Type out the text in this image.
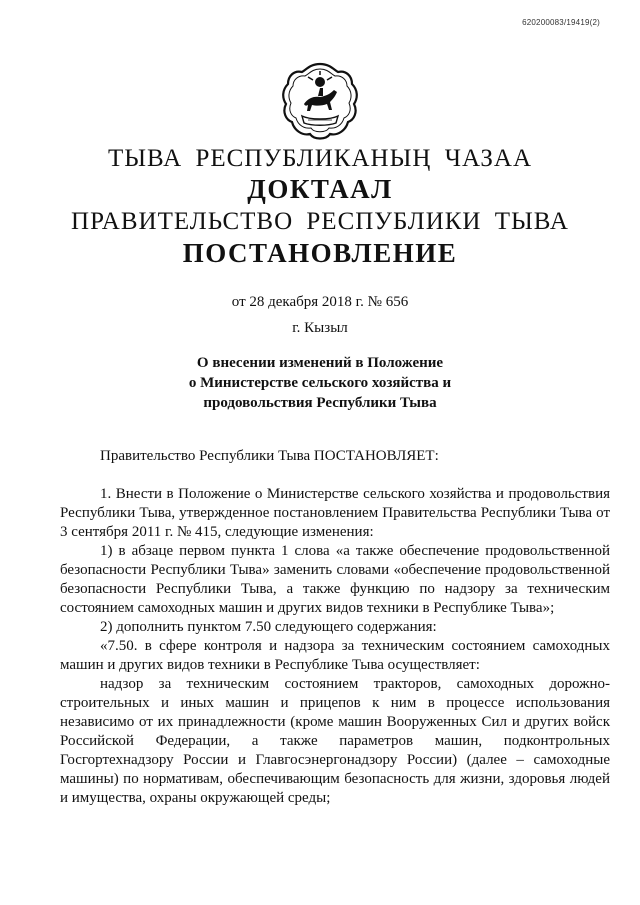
620200083/19419(2)
ТЫВА РЕСПУБЛИКАНЫҢ ЧАЗАА
ДОКТААЛ
ПРАВИТЕЛЬСТВО РЕСПУБЛИКИ ТЫВА
ПОСТАНОВЛЕНИЕ
от 28 декабря 2018 г. № 656
г. Кызыл
О внесении изменений в Положение
о Министерстве сельского хозяйства и
продовольствия Республики Тыва
Правительство Республики Тыва ПОСТАНОВЛЯЕТ:

1. Внести в Положение о Министерстве сельского хозяйства и продовольствия Республики Тыва, утвержденное постановлением Правительства Республики Тыва от 3 сентября 2011 г. № 415, следующие изменения:

1) в абзаце первом пункта 1 слова «а также обеспечение продовольственной безопасности Республики Тыва» заменить словами «обеспечение продовольственной безопасности Республики Тыва, а также функцию по надзору за техническим состоянием самоходных машин и других видов техники в Республике Тыва»;

2) дополнить пунктом 7.50 следующего содержания:

«7.50. в сфере контроля и надзора за техническим состоянием самоходных машин и других видов техники в Республике Тыва осуществляет:

надзор за техническим состоянием тракторов, самоходных дорожно-строительных и иных машин и прицепов к ним в процессе использования независимо от их принадлежности (кроме машин Вооруженных Сил и других войск Российской Федерации, а также параметров машин, подконтрольных Госгортехнадзору России и Главгосэнергонадзору России) (далее – самоходные машины) по нормативам, обеспечивающим безопасность для жизни, здоровья людей и имущества, охраны окружающей среды;
